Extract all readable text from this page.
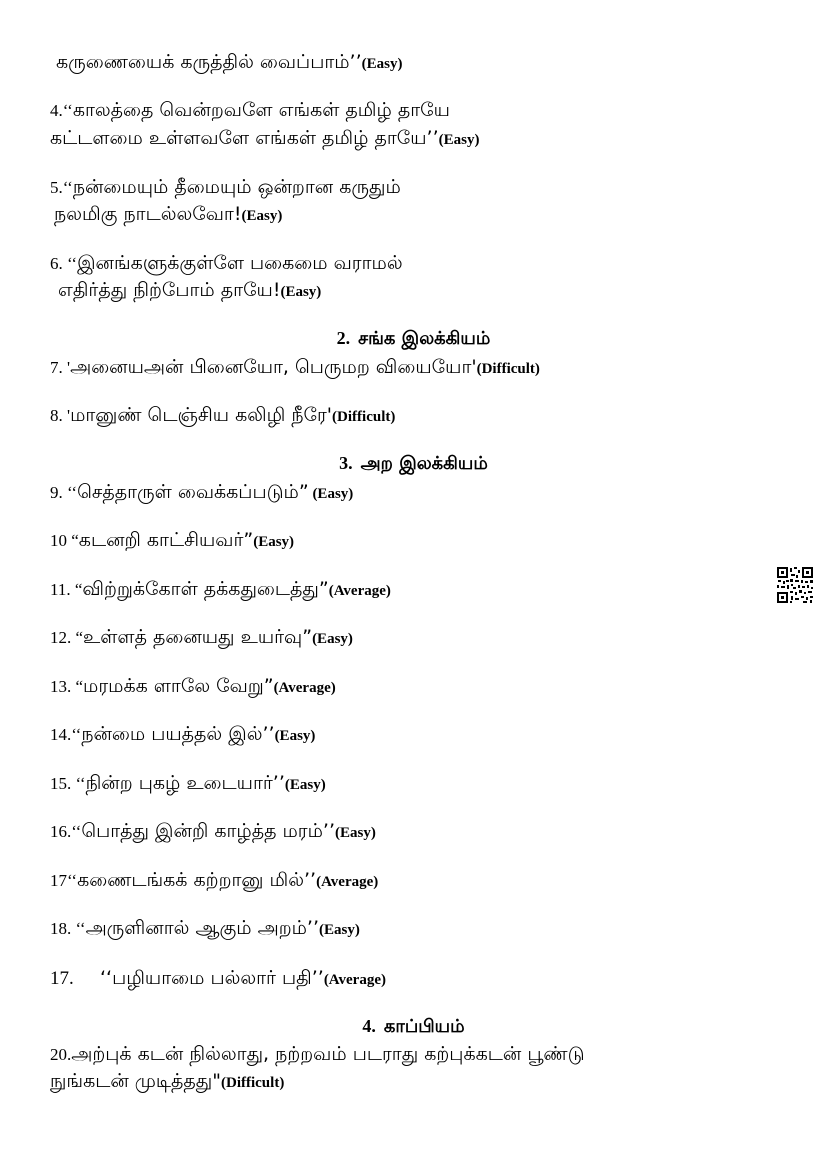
கருணையைக் கருத்தில் வைப்பாம்’’(Easy)
4.‘‘காலத்தை வென்றவளே எங்கள் தமிழ் தாயே
கட்டளமை உள்ளவளே எங்கள் தமிழ் தாயே’’(Easy)
5.‘‘நன்மையும் தீமையும் ஒன்றான கருதும்
நலமிகு நாடல்லவோ!(Easy)
6. ‘‘இனங்களுக்குள்ளே பகைமை வராமல்
எதிர்த்து நிற்போம் தாயே!(Easy)
2. சங்க இலக்கியம்
7. 'அனையஅன் பினையோ, பெருமற வியையோ'(Difficult)
8. 'மானுண் டெஞ்சிய கலிழி நீரே'(Difficult)
3. அற இலக்கியம்
9. ‘‘செத்தாருள் வைக்கப்படும்” (Easy)
10 “கடனறி காட்சியவர்”(Easy)
11. “விற்றுக்கோள் தக்கதுடைத்து”(Average)
12. “உள்ளத் தனையது உயர்வு”(Easy)
13. “மரமக்க ளாலே வேறு”(Average)
14.‘‘நன்மை பயத்தல் இல்’’(Easy)
15. ‘‘நின்ற புகழ் உடையார்’’(Easy)
16.‘‘பொத்து இன்றி காழ்த்த மரம்’’(Easy)
17‘‘கணைடங்கக் கற்றானு மில்’’(Average)
18. ‘‘அருளினால் ஆகும் அறம்’’(Easy)
17. ‘‘பழியாமை பல்லார் பதி’’(Average)
4. காப்பியம்
20.அற்புக் கடன் நில்லாது, நற்றவம் படராது கற்புக்கடன் பூண்டு
நுங்கடன் முடித்தது"(Difficult)
